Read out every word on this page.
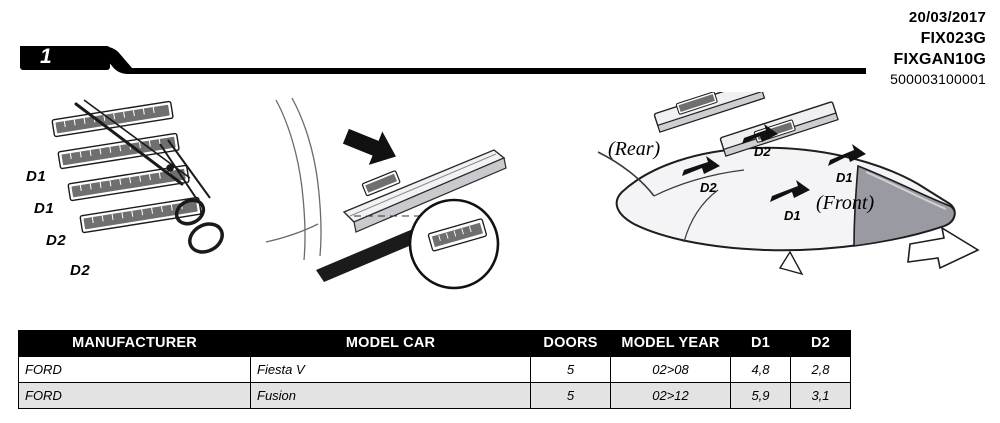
20/03/2017
FIX023G
FIXGAN10G
500003100001
1
D1
D1
D2
D2
(Rear)
(Front)
D2
D2
D1
D1
MANUFACTURER	MODEL CAR	DOORS	MODEL YEAR	D1	D2
FORD	Fiesta V	5	02>08	4,8	2,8
FORD	Fusion	5	02>12	5,9	3,1
